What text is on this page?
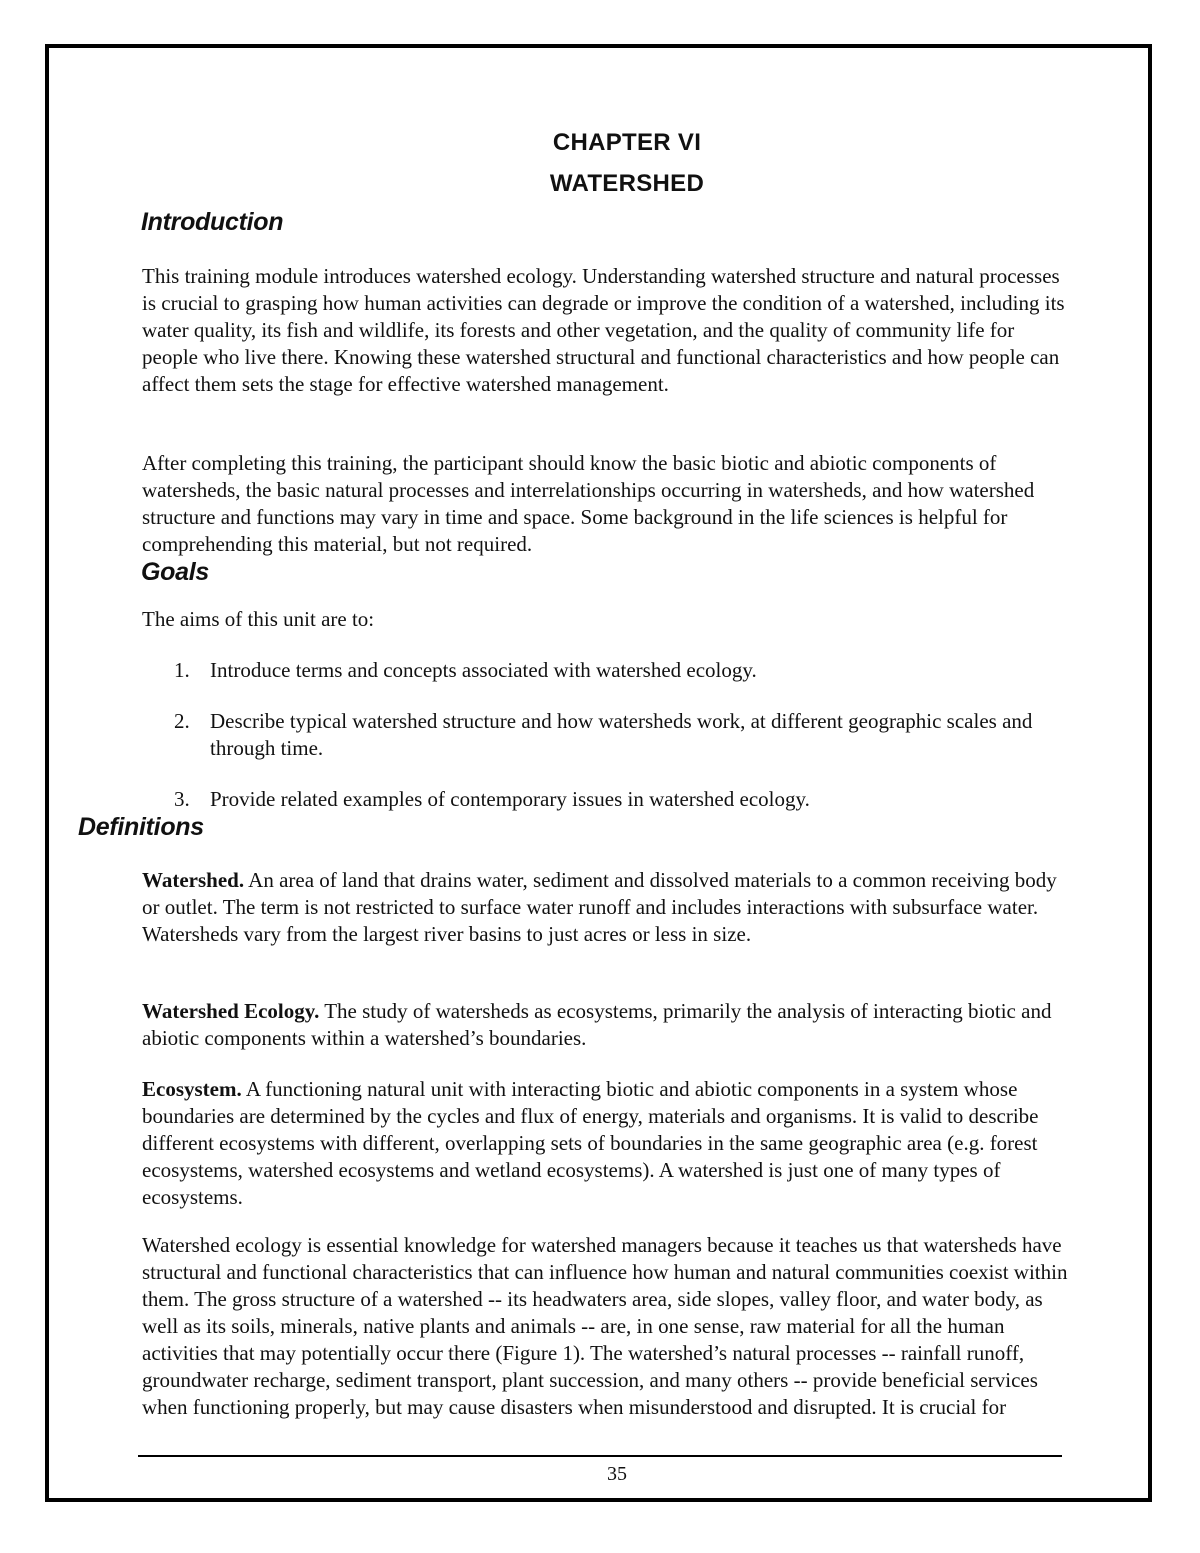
CHAPTER VI
WATERSHED
Introduction

This training module introduces watershed ecology. Understanding watershed structure and natural processes is crucial to grasping how human activities can degrade or improve the condition of a watershed, including its water quality, its fish and wildlife, its forests and other vegetation, and the quality of community life for people who live there. Knowing these watershed structural and functional characteristics and how people can affect them sets the stage for effective watershed management.

After completing this training, the participant should know the basic biotic and abiotic components of watersheds, the basic natural processes and interrelationships occurring in watersheds, and how watershed structure and functions may vary in time and space. Some background in the life sciences is helpful for comprehending this material, but not required.

Goals

The aims of this unit are to:

1. Introduce terms and concepts associated with watershed ecology.
2. Describe typical watershed structure and how watersheds work, at different geographic scales and through time.
3. Provide related examples of contemporary issues in watershed ecology.
Definitions

Watershed. An area of land that drains water, sediment and dissolved materials to a common receiving body or outlet. The term is not restricted to surface water runoff and includes interactions with subsurface water. Watersheds vary from the largest river basins to just acres or less in size.

Watershed Ecology. The study of watersheds as ecosystems, primarily the analysis of interacting biotic and abiotic components within a watershed’s boundaries.

Ecosystem. A functioning natural unit with interacting biotic and abiotic components in a system whose boundaries are determined by the cycles and flux of energy, materials and organisms. It is valid to describe different ecosystems with different, overlapping sets of boundaries in the same geographic area (e.g. forest ecosystems, watershed ecosystems and wetland ecosystems). A watershed is just one of many types of ecosystems.

Watershed ecology is essential knowledge for watershed managers because it teaches us that watersheds have structural and functional characteristics that can influence how human and natural communities coexist within them. The gross structure of a watershed -- its headwaters area, side slopes, valley floor, and water body, as well as its soils, minerals, native plants and animals -- are, in one sense, raw material for all the human activities that may potentially occur there (Figure 1). The watershed’s natural processes -- rainfall runoff, groundwater recharge, sediment transport, plant succession, and many others -- provide beneficial services when functioning properly, but may cause disasters when misunderstood and disrupted. It is crucial for

35
